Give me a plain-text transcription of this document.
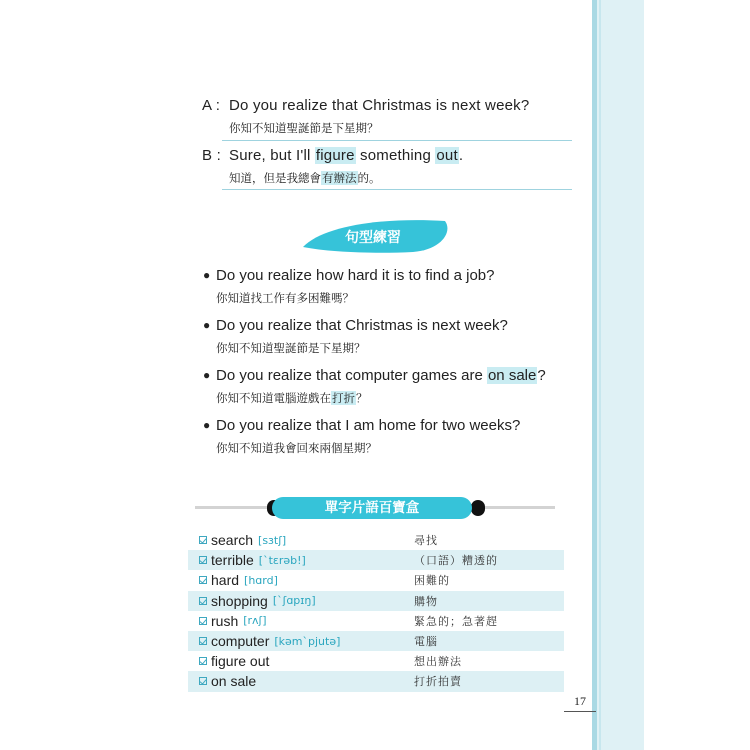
A : Do you realize that Christmas is next week?
你知不知道聖誕節是下星期？
B : Sure, but I'll figure something out.
知道，但是我總會有辦法的。
句型練習
● Do you realize how hard it is to find a job?
你知道找工作有多困難嗎？
● Do you realize that Christmas is next week?
你知不知道聖誕節是下星期？
● Do you realize that computer games are on sale?
你知不知道電腦遊戲在打折？
● Do you realize that I am home for two weeks?
你知不知道我會回來兩個星期？
單字片語百寶盒
search [sɜtʃ]	尋找
terrible [`tɛrəb!]	（口語）糟透的
hard [hɑrd]	困難的
shopping [`ʃɑpɪŋ]	購物
rush [rʌʃ]	緊急的；急著趕
computer [kəm`pjutə]	電腦
figure out	想出辦法
on sale	打折拍賣
17
